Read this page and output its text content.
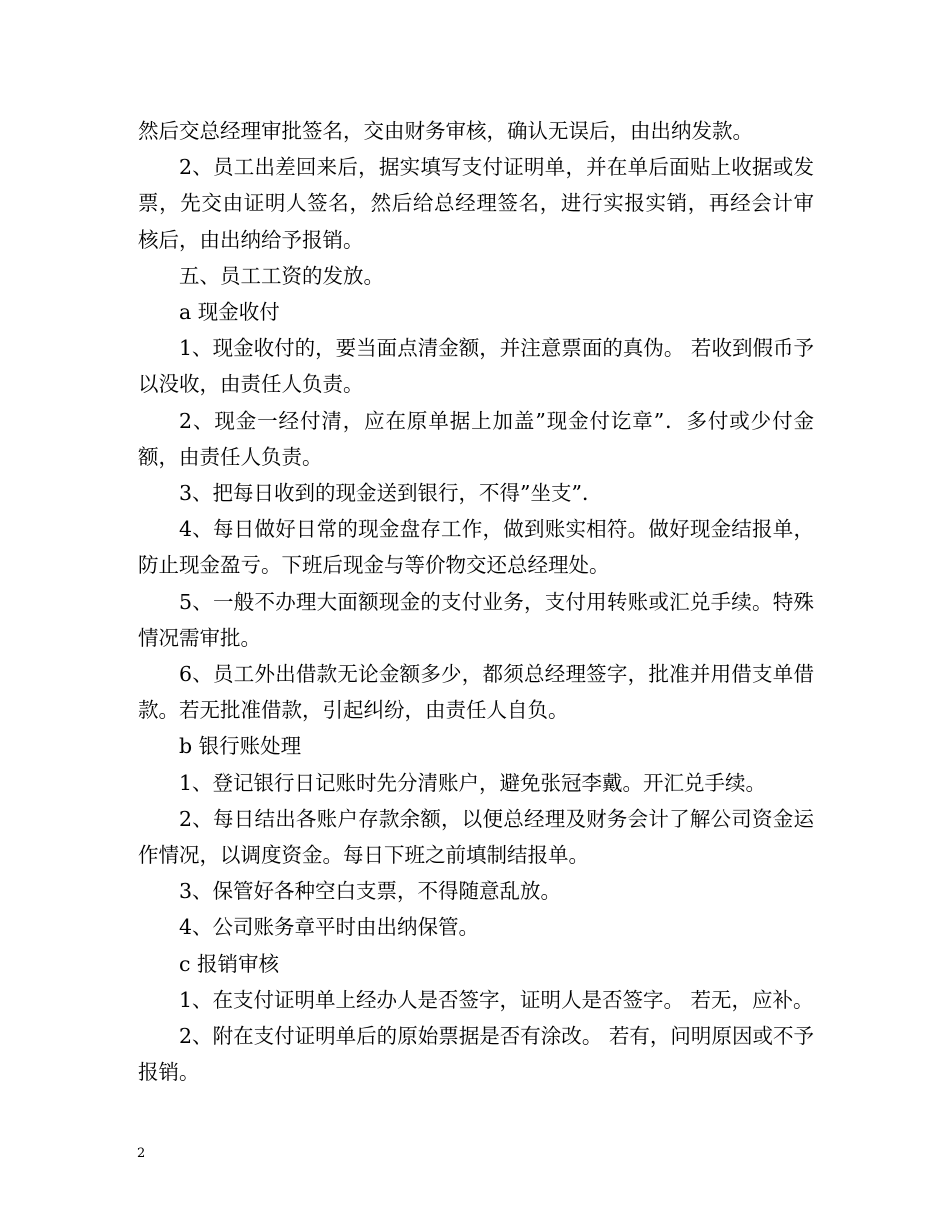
然后交总经理审批签名，交由财务审核，确认无误后，由出纳发款。

2、员工出差回来后，据实填写支付证明单，并在单后面贴上收据或发票，先交由证明人签名，然后给总经理签名，进行实报实销，再经会计审核后，由出纳给予报销。

五、员工工资的发放。

a 现金收付

1、现金收付的，要当面点清金额，并注意票面的真伪。 若收到假币予以没收，由责任人负责。

2、现金一经付清，应在原单据上加盖”现金付讫章”．多付或少付金额，由责任人负责。

3、把每日收到的现金送到银行，不得”坐支”．

4、每日做好日常的现金盘存工作，做到账实相符。做好现金结报单，防止现金盈亏。下班后现金与等价物交还总经理处。

5、一般不办理大面额现金的支付业务，支付用转账或汇兑手续。特殊情况需审批。

6、员工外出借款无论金额多少，都须总经理签字，批准并用借支单借款。若无批准借款，引起纠纷，由责任人自负。

b 银行账处理

1、登记银行日记账时先分清账户，避免张冠李戴。开汇兑手续。

2、每日结出各账户存款余额，以便总经理及财务会计了解公司资金运作情况，以调度资金。每日下班之前填制结报单。

3、保管好各种空白支票，不得随意乱放。

4、公司账务章平时由出纳保管。

c 报销审核

1、在支付证明单上经办人是否签字，证明人是否签字。 若无，应补。

2、附在支付证明单后的原始票据是否有涂改。 若有，问明原因或不予报销。

2
